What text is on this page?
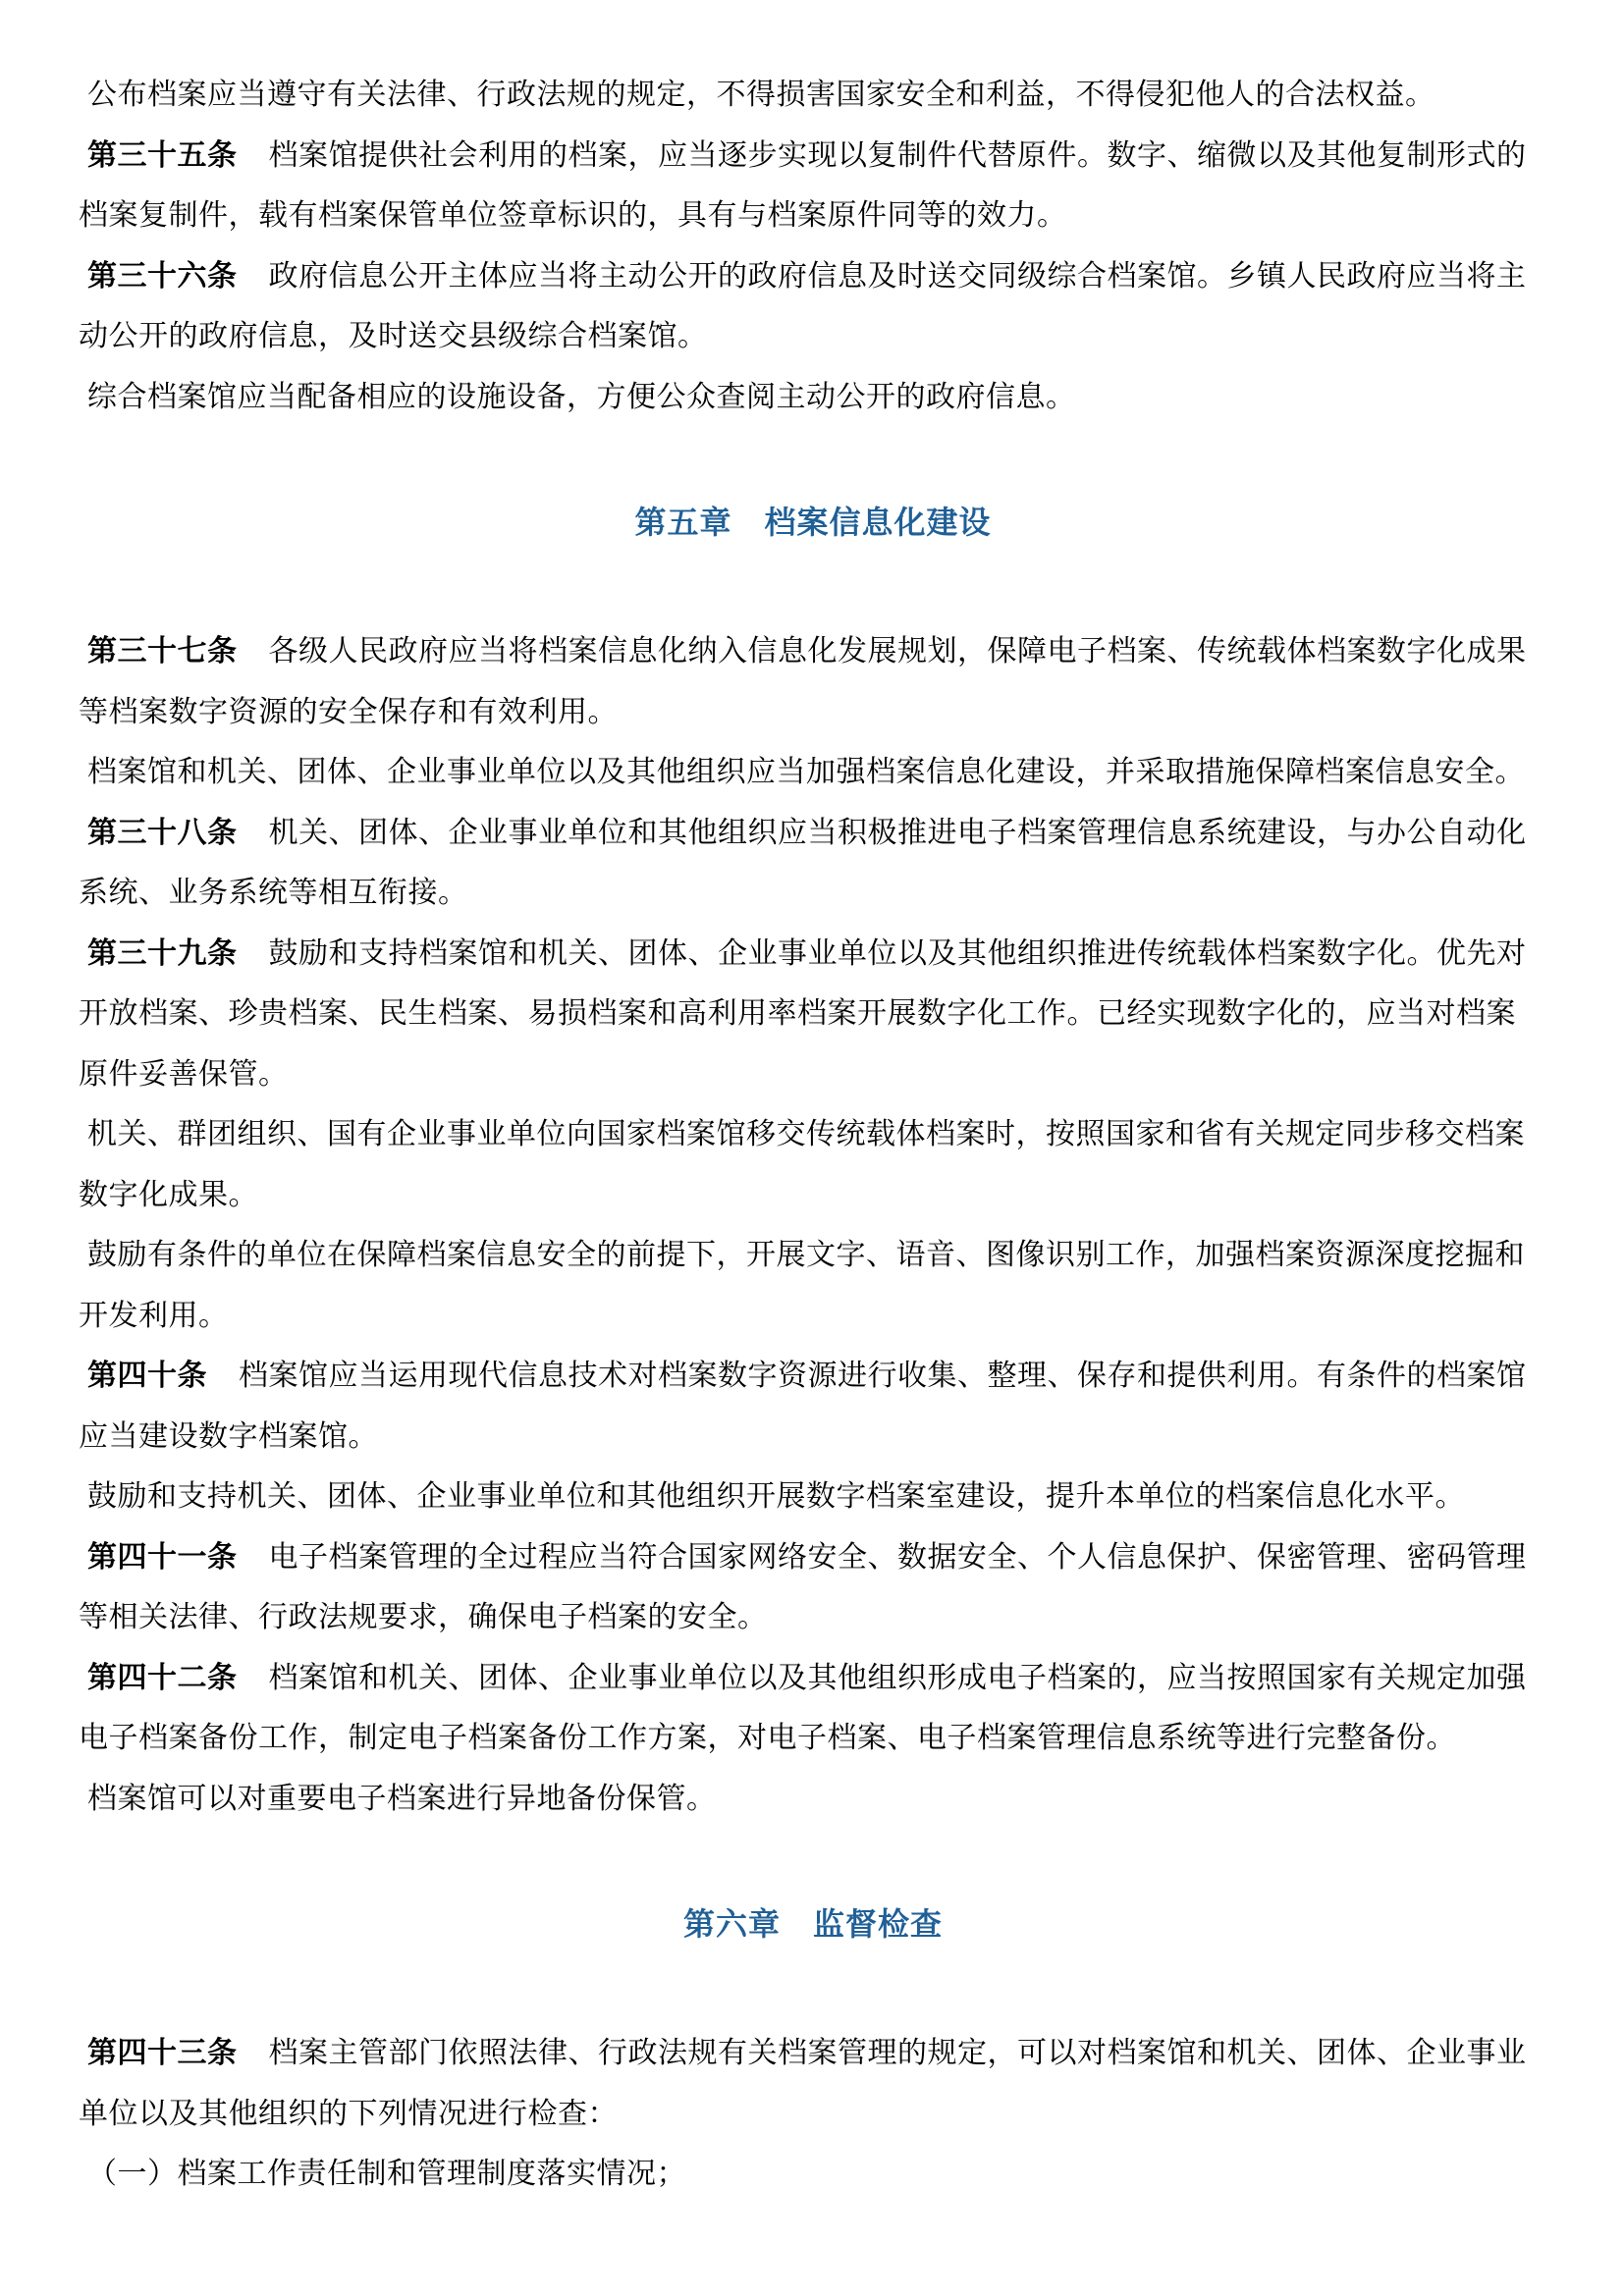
公布档案应当遵守有关法律、行政法规的规定，不得损害国家安全和利益，不得侵犯他人的合法权益。
第三十五条 档案馆提供社会利用的档案，应当逐步实现以复制件代替原件。数字、缩微以及其他复制形式的
档案复制件，载有档案保管单位签章标识的，具有与档案原件同等的效力。
第三十六条 政府信息公开主体应当将主动公开的政府信息及时送交同级综合档案馆。乡镇人民政府应当将主
动公开的政府信息，及时送交县级综合档案馆。
综合档案馆应当配备相应的设施设备，方便公众查阅主动公开的政府信息。
第五章　档案信息化建设
第三十七条 各级人民政府应当将档案信息化纳入信息化发展规划，保障电子档案、传统载体档案数字化成果
等档案数字资源的安全保存和有效利用。
档案馆和机关、团体、企业事业单位以及其他组织应当加强档案信息化建设，并采取措施保障档案信息安全。
第三十八条 机关、团体、企业事业单位和其他组织应当积极推进电子档案管理信息系统建设，与办公自动化
系统、业务系统等相互衔接。
第三十九条 鼓励和支持档案馆和机关、团体、企业事业单位以及其他组织推进传统载体档案数字化。优先对
开放档案、珍贵档案、民生档案、易损档案和高利用率档案开展数字化工作。已经实现数字化的，应当对档案
原件妥善保管。
机关、群团组织、国有企业事业单位向国家档案馆移交传统载体档案时，按照国家和省有关规定同步移交档案
数字化成果。
鼓励有条件的单位在保障档案信息安全的前提下，开展文字、语音、图像识别工作，加强档案资源深度挖掘和
开发利用。
第四十条 档案馆应当运用现代信息技术对档案数字资源进行收集、整理、保存和提供利用。有条件的档案馆
应当建设数字档案馆。
鼓励和支持机关、团体、企业事业单位和其他组织开展数字档案室建设，提升本单位的档案信息化水平。
第四十一条 电子档案管理的全过程应当符合国家网络安全、数据安全、个人信息保护、保密管理、密码管理
等相关法律、行政法规要求，确保电子档案的安全。
第四十二条 档案馆和机关、团体、企业事业单位以及其他组织形成电子档案的，应当按照国家有关规定加强
电子档案备份工作，制定电子档案备份工作方案，对电子档案、电子档案管理信息系统等进行完整备份。
档案馆可以对重要电子档案进行异地备份保管。
第六章　监督检查
第四十三条 档案主管部门依照法律、行政法规有关档案管理的规定，可以对档案馆和机关、团体、企业事业
单位以及其他组织的下列情况进行检查：
（一）档案工作责任制和管理制度落实情况；
